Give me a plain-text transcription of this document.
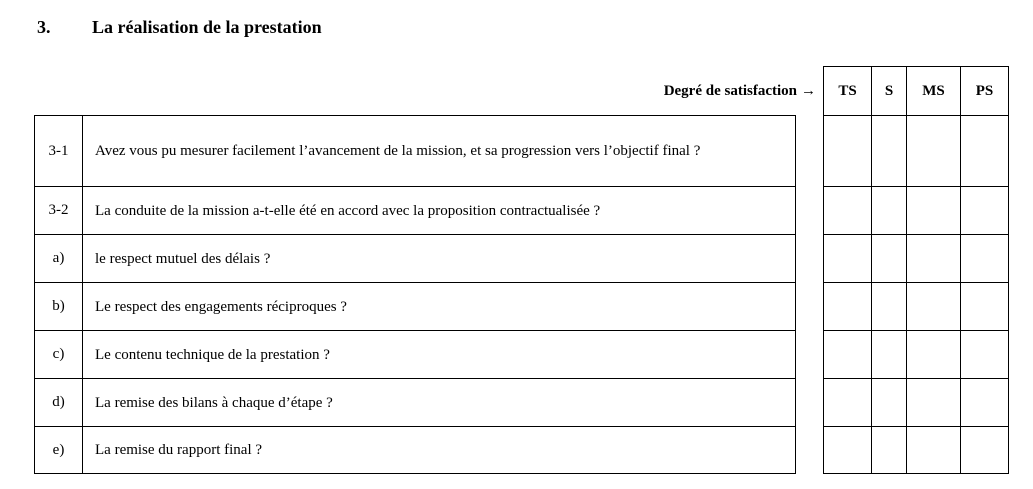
3. La réalisation de la prestation
Degré de satisfaction →	TS	S	MS	PS
3-1	Avez vous pu mesurer facilement l’avancement de la mission, et sa progression vers l’objectif final ?
3-2	La conduite de la mission a-t-elle été en accord avec la proposition contractualisée ?
a)	le respect mutuel des délais ?
b)	Le respect des engagements réciproques ?
c)	Le contenu technique de la prestation ?
d)	La remise des bilans à chaque d’étape ?
e)	La remise du rapport final ?
